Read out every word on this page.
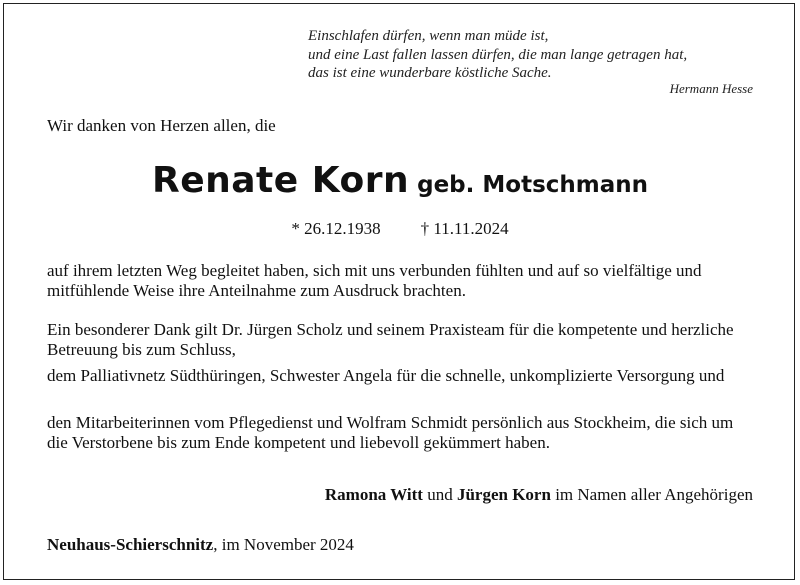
Einschlafen dürfen, wenn man müde ist,
und eine Last fallen lassen dürfen, die man lange getragen hat,
das ist eine wunderbare köstliche Sache.
Hermann Hesse
Wir danken von Herzen allen, die
Renate Korn geb. Motschmann
* 26.12.1938 † 11.11.2024
auf ihrem letzten Weg begleitet haben, sich mit uns verbunden fühlten und auf so vielfältige und mitfühlende Weise ihre Anteilnahme zum Ausdruck brachten.
Ein besonderer Dank gilt Dr. Jürgen Scholz und seinem Praxisteam für die kompetente und herzliche Betreuung bis zum Schluss,
dem Palliativnetz Südthüringen, Schwester Angela für die schnelle, unkomplizierte Versorgung und
den Mitarbeiterinnen vom Pflegedienst und Wolfram Schmidt persönlich aus Stockheim, die sich um die Verstorbene bis zum Ende kompetent und liebevoll gekümmert haben.
Ramona Witt und Jürgen Korn im Namen aller Angehörigen
Neuhaus-Schierschnitz, im November 2024
